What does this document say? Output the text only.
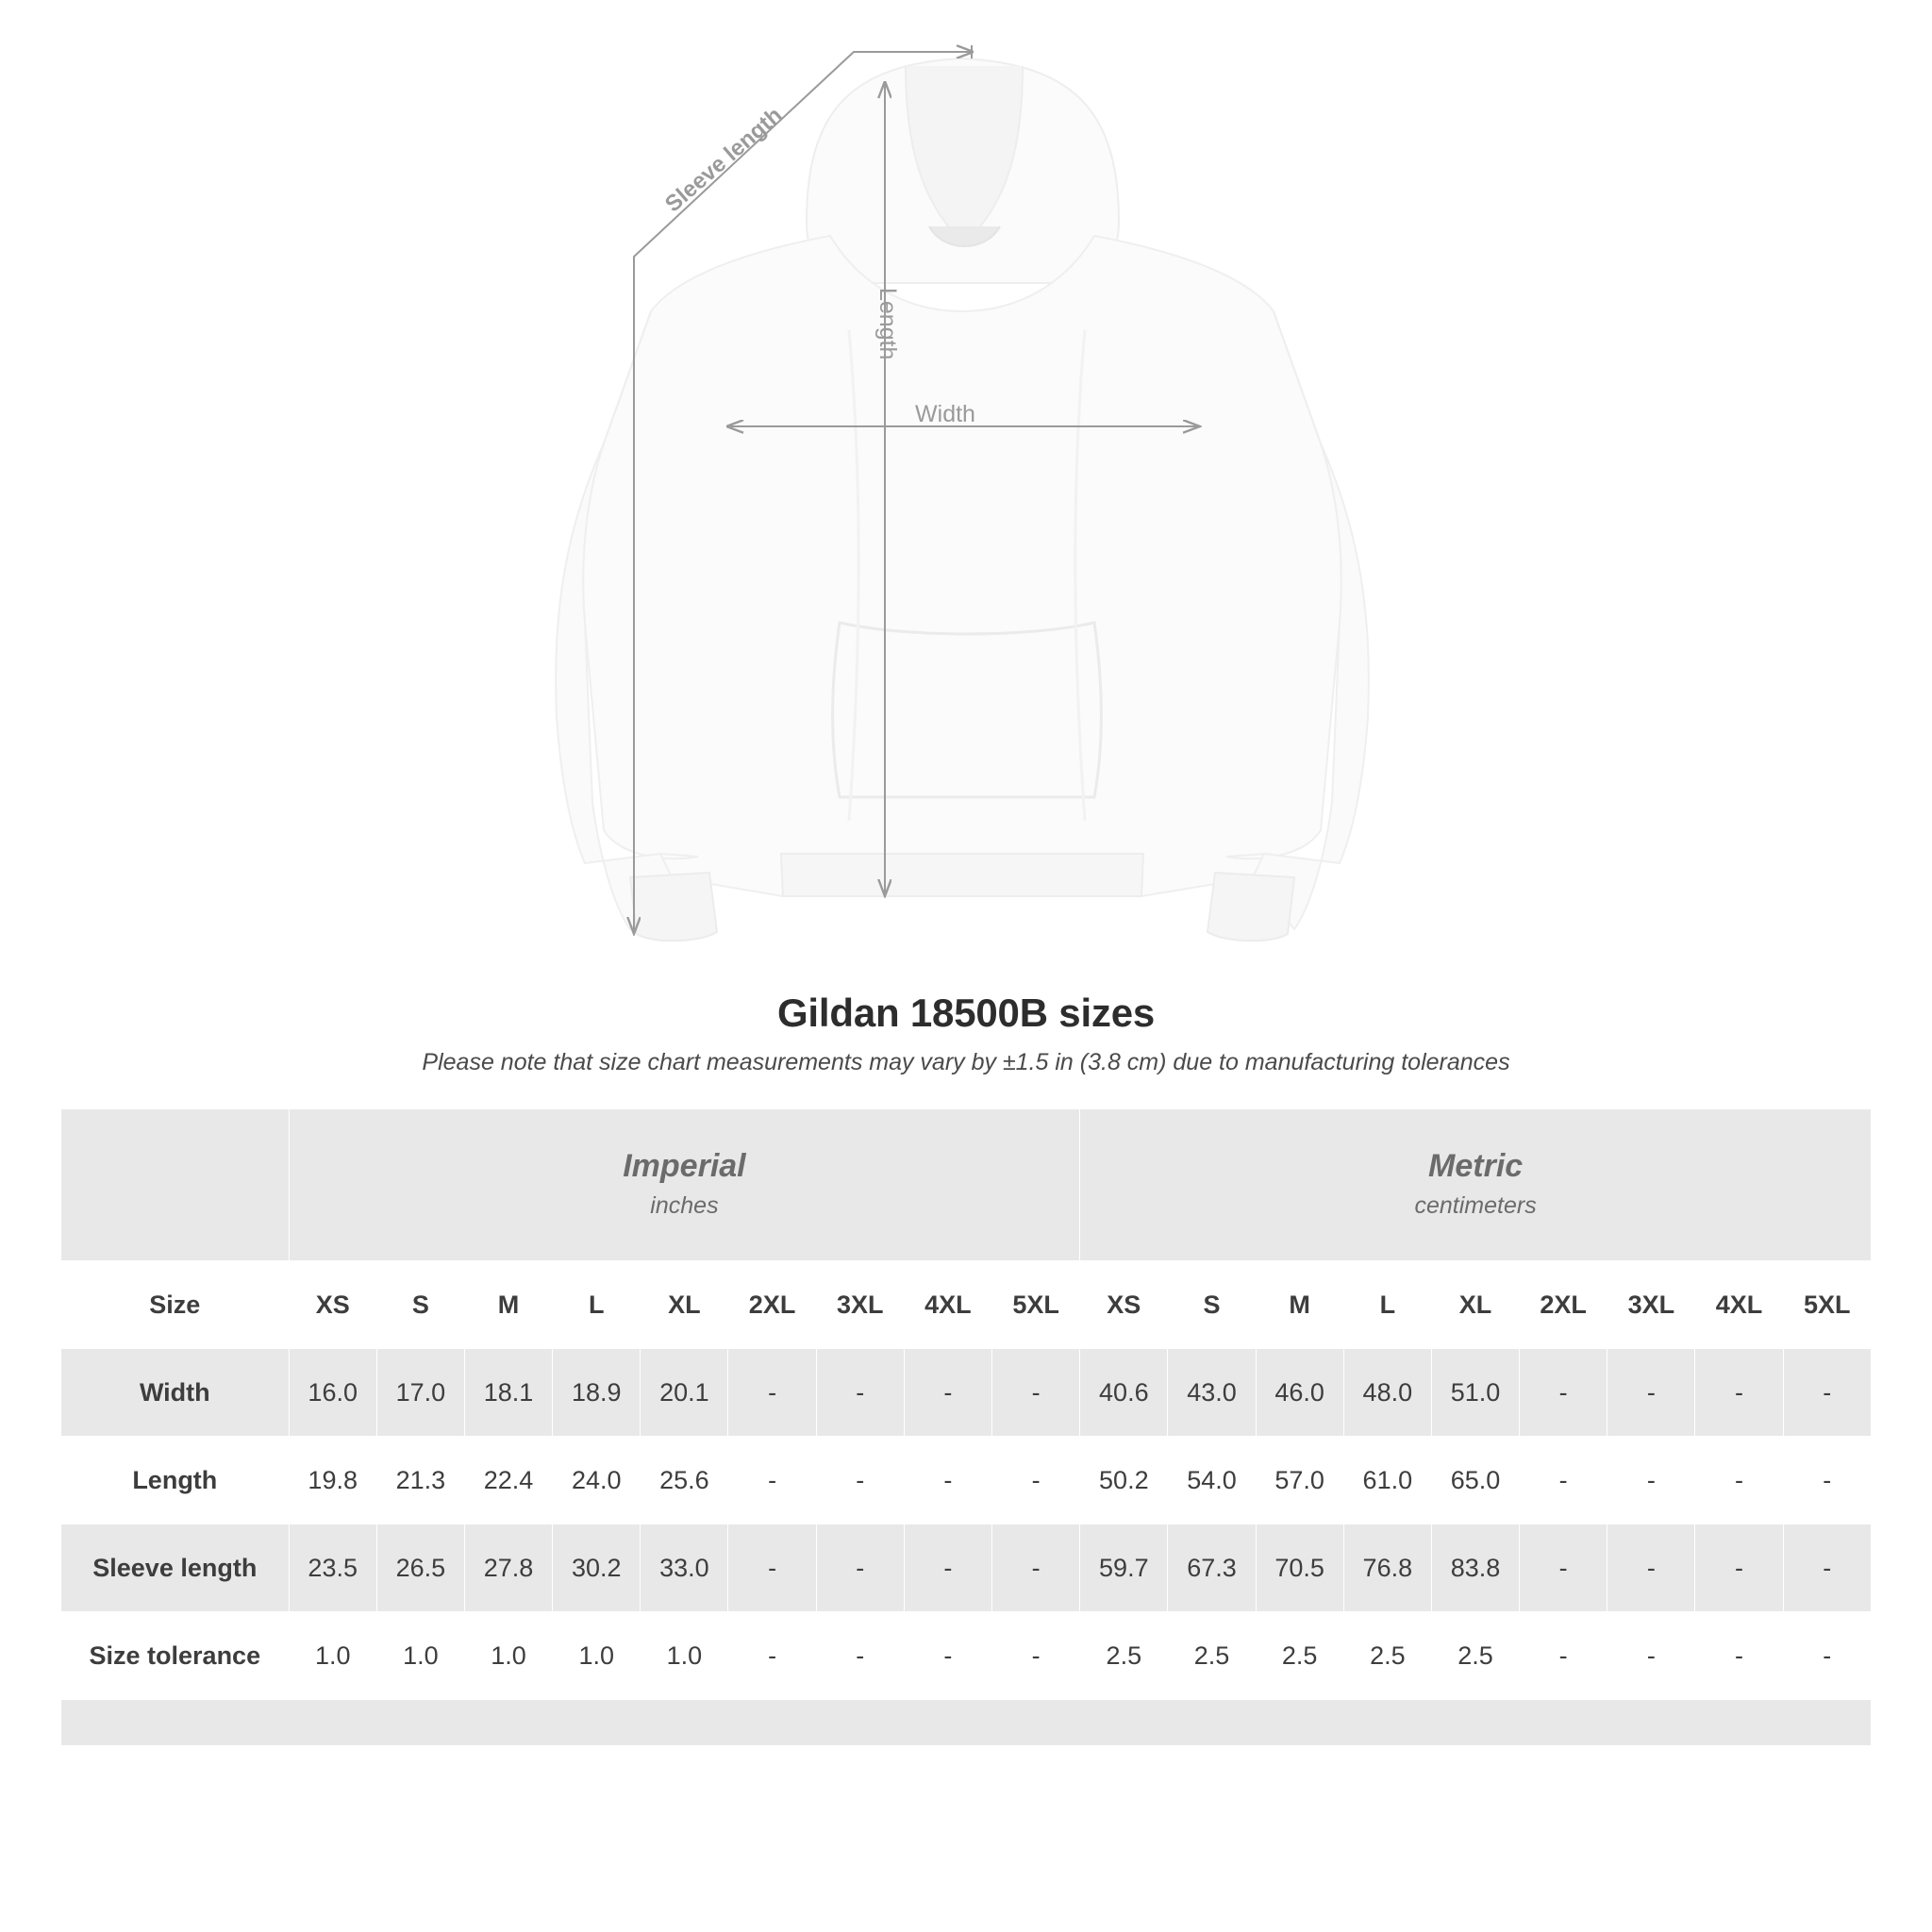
Width
Length
Sleeve length
Gildan 18500B sizes

Please note that size chart measurements may vary by ±1.5 in (3.8 cm) due to manufacturing tolerances

Imperial
inches

Metric
centimeters

Size	XS	S	M	L	XL	2XL	3XL	4XL	5XL	XS	S	M	L	XL	2XL	3XL	4XL	5XL
Width	16.0	17.0	18.1	18.9	20.1	-	-	-	-	40.6	43.0	46.0	48.0	51.0	-	-	-	-
Length	19.8	21.3	22.4	24.0	25.6	-	-	-	-	50.2	54.0	57.0	61.0	65.0	-	-	-	-
Sleeve length	23.5	26.5	27.8	30.2	33.0	-	-	-	-	59.7	67.3	70.5	76.8	83.8	-	-	-	-
Size tolerance	1.0	1.0	1.0	1.0	1.0	-	-	-	-	2.5	2.5	2.5	2.5	2.5	-	-	-	-
